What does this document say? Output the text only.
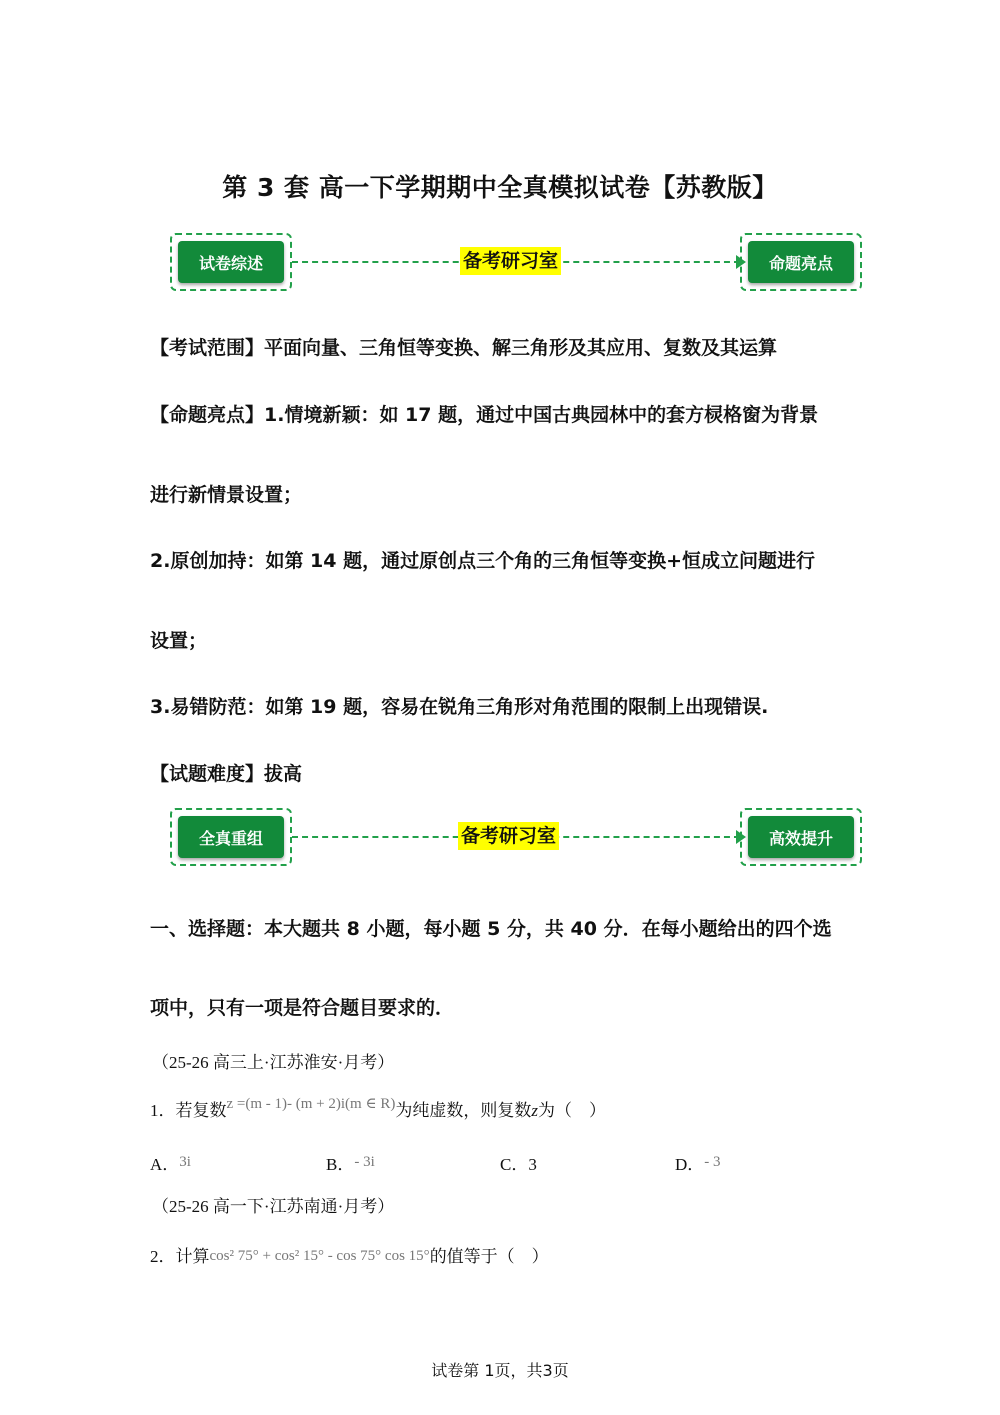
第 3 套 高一下学期期中全真模拟试卷【苏教版】
试卷综述	备考研习室	命题亮点
【考试范围】平面向量、三角恒等变换、解三角形及其应用、复数及其运算
【命题亮点】1.情境新颖：如 17 题，通过中国古典园林中的套方棂格窗为背景
进行新情景设置；
2.原创加持：如第 14 题，通过原创点三个角的三角恒等变换+恒成立问题进行
设置；
3.易错防范：如第 19 题，容易在锐角三角形对角范围的限制上出现错误.
【试题难度】拔高
全真重组	备考研习室	高效提升
一、选择题：本大题共 8 小题，每小题 5 分，共 40 分．在每小题给出的四个选
项中，只有一项是符合题目要求的．
（25-26 高三上·江苏淮安·月考）
1．若复数z =(m - 1)- (m + 2)i(m ∈ R)为纯虚数，则复数z为（　）
A．3i	B．- 3i	C．3	D．- 3
（25-26 高一下·江苏南通·月考）
2．计算cos² 75° + cos² 15° - cos 75° cos 15°的值等于（　）
试卷第 1页，共3页
